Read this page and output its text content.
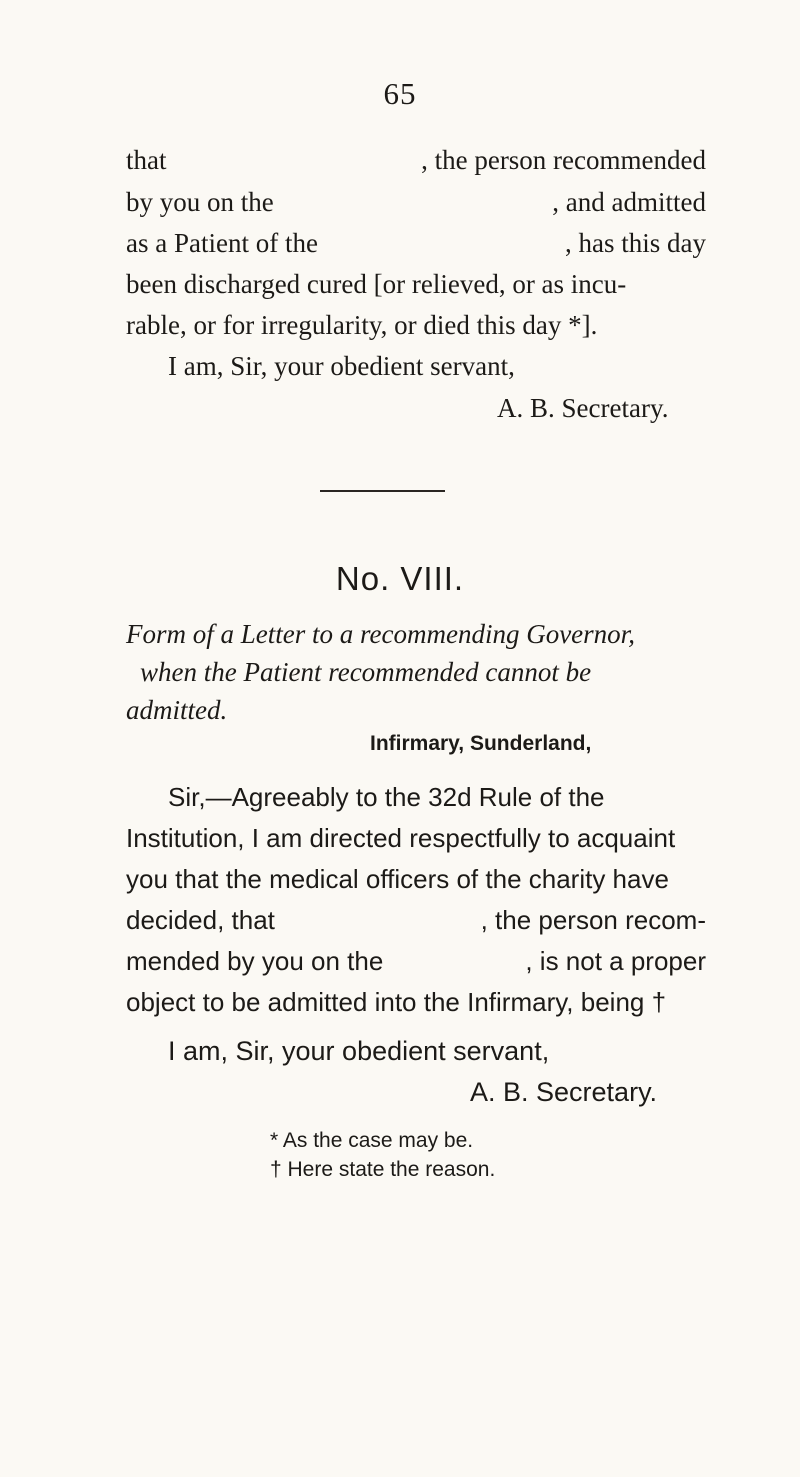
65
that	, the person recommended
by you on the	, and admitted
as a Patient of the	, has this day
been discharged cured [or relieved, or as incu-
rable, or for irregularity, or died this day *].
I am, Sir, your obedient servant,
A. B. Secretary.
No. VIII.
Form of a Letter to a recommending Governor,
when the Patient recommended cannot be
admitted.
Infirmary, Sunderland,
Sir, —Agreeably to the 32d Rule of the
Institution, I am directed respectfully to acquaint
you that the medical officers of the charity have
decided, that	, the person recom-
mended by you on the	, is not a proper
object to be admitted into the Infirmary, being †
I am, Sir, your obedient servant,
A. B. Secretary.
* As the case may be.
† Here state the reason.
